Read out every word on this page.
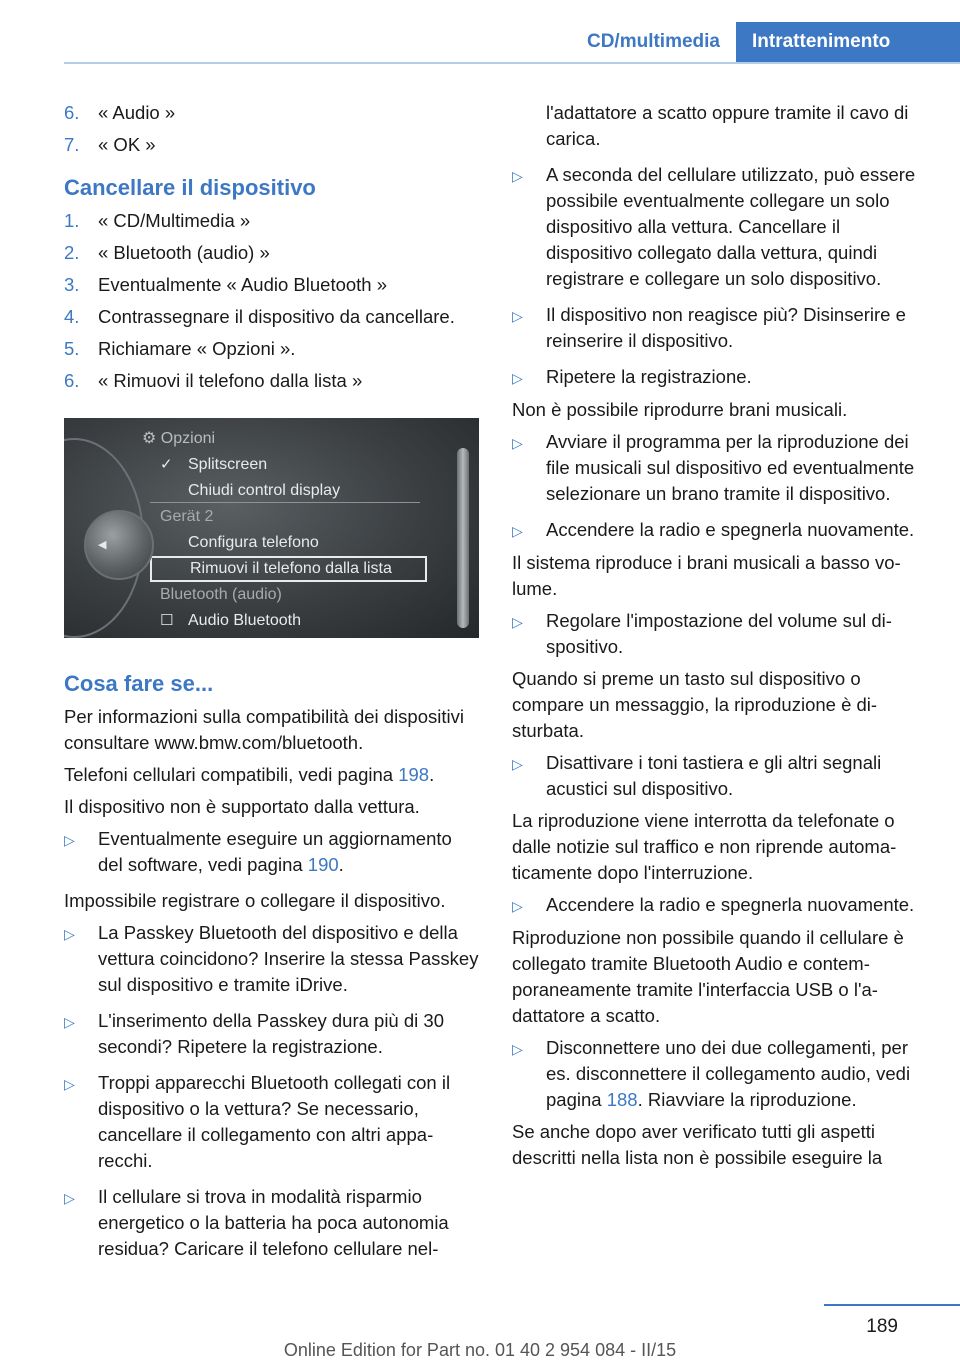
CD/multimedia	Intrattenimento
6.	« Audio »
7.	« OK »
Cancellare il dispositivo
1.	« CD/Multimedia »
2.	« Bluetooth (audio) »
3.	Eventualmente « Audio Bluetooth »
4.	Contrassegnare il dispositivo da cancellare.
5.	Richiamare « Opzioni ».
6.	« Rimuovi il telefono dalla lista »
⚙ Opzioni
✓ Splitscreen
Chiudi control display
Gerät 2
Configura telefono
Rimuovi il telefono dalla lista
Bluetooth (audio)
☐ Audio Bluetooth
◀
Cosa fare se...

Per informazioni sulla compatibilità dei dispositivi consultare www.bmw.com/bluetooth.

Telefoni cellulari compatibili, vedi pagina 198.

Il dispositivo non è supportato dalla vettura.

▷	Eventualmente eseguire un aggiornamento del software, vedi pagina 190.

Impossibile registrare o collegare il dispositivo.

▷	La Passkey Bluetooth del dispositivo e della vettura coincidono? Inserire la stessa Passkey sul dispositivo e tramite iDrive.
▷	L'inserimento della Passkey dura più di 30 secondi? Ripetere la registrazione.
▷	Troppi apparecchi Bluetooth collegati con il dispositivo o la vettura? Se necessario, cancellare il collegamento con altri apparecchi.
▷	Il cellulare si trova in modalità risparmio energetico o la batteria ha poca autonomia residua? Caricare il telefono cellulare nel-
l'adattatore a scatto oppure tramite il cavo di carica.
▷	A seconda del cellulare utilizzato, può essere possibile eventualmente collegare un solo dispositivo alla vettura. Cancellare il dispositivo collegato dalla vettura, quindi registrare e collegare un solo dispositivo.
▷	Il dispositivo non reagisce più? Disinserire e reinserire il dispositivo.
▷	Ripetere la registrazione.

Non è possibile riprodurre brani musicali.

▷	Avviare il programma per la riproduzione dei file musicali sul dispositivo ed eventualmente selezionare un brano tramite il dispositivo.
▷	Accendere la radio e spegnerla nuovamente.

Il sistema riproduce i brani musicali a basso volume.

▷	Regolare l'impostazione del volume sul dispositivo.

Quando si preme un tasto sul dispositivo o compare un messaggio, la riproduzione è disturbata.

▷	Disattivare i toni tastiera e gli altri segnali acustici sul dispositivo.

La riproduzione viene interrotta da telefonate o dalle notizie sul traffico e non riprende automaticamente dopo l'interruzione.

▷	Accendere la radio e spegnerla nuovamente.

Riproduzione non possibile quando il cellulare è collegato tramite Bluetooth Audio e contemporaneamente tramite l'interfaccia USB o l'adattatore a scatto.

▷	Disconnettere uno dei due collegamenti, per es. disconnettere il collegamento audio, vedi pagina 188. Riavviare la riproduzione.

Se anche dopo aver verificato tutti gli aspetti descritti nella lista non è possibile eseguire la

189
Online Edition for Part no. 01 40 2 954 084 - II/15
